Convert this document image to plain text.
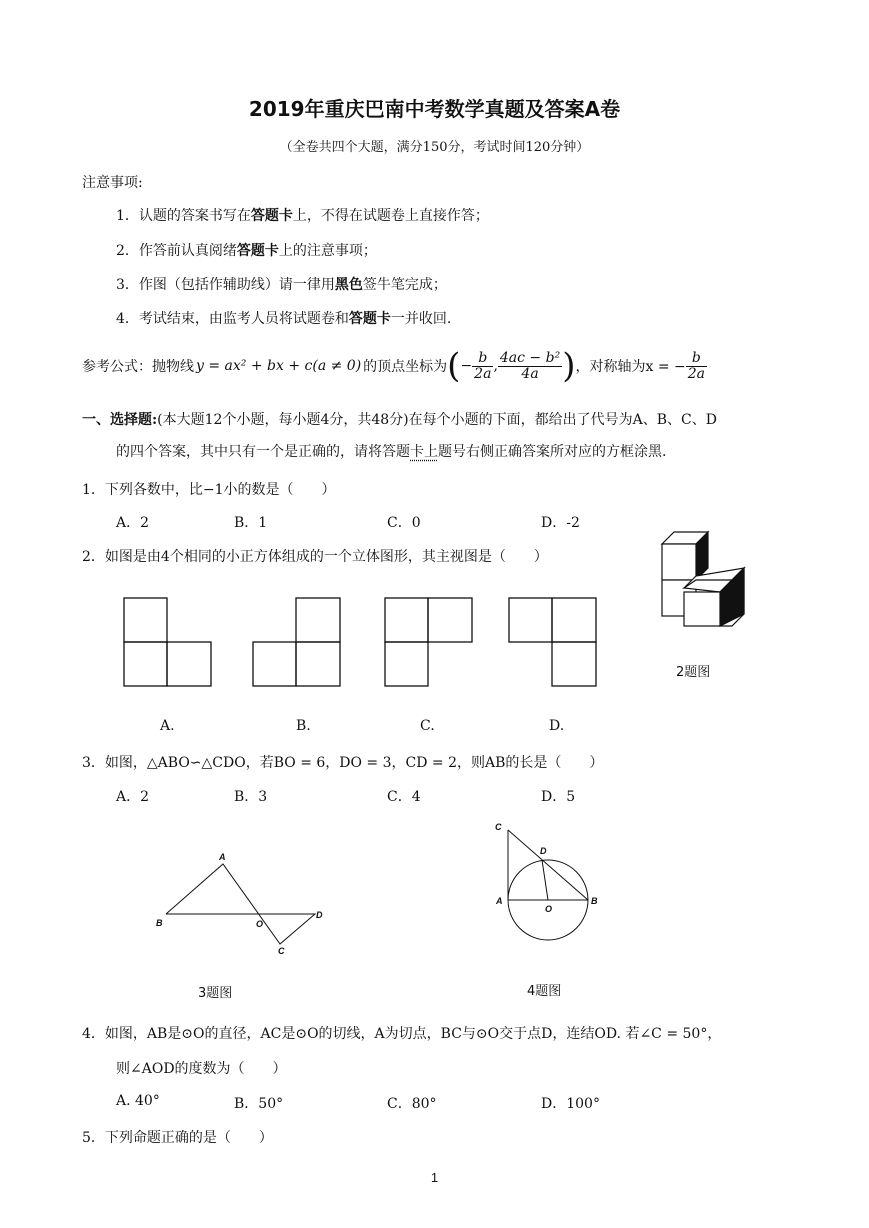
2019年重庆巴南中考数学真题及答案A卷
（全卷共四个大题，满分150分，考试时间120分钟）
注意事项:
1．认题的答案书写在答题卡上，不得在试题卷上直接作答；
2．作答前认真阅绪答题卡上的注意事项；
3．作图（包括作辅助线）请一律用黑色签牛笔完成；
4．考试结束，由监考人员将试题卷和答题卡一并收回.
参考公式：抛物线 y = ax² + bx + c(a ≠ 0) 的顶点坐标为 ( − $\frac{b}{2a}$ , $\frac{\text{4ac − b²}}{4a}$ ) ，对称轴为x = − $\frac{b}{2a}$
一、选择题:(本大题12个小题，每小题4分，共48分)在每个小题的下面，都给出了代号为A、B、C、D
的四个答案，其中只有一个是正确的，请将答题卡上题号右侧正确答案所对应的方框涂黑.
1．下列各数中，比−1小的数是（　　）
A．2	B．1	C．0	D．-2
2．如图是由4个相同的小正方体组成的一个立体图形，其主视图是（　　）
A.	B.	C.	D.
2题图
3．如图，△ABO∽△CDO，若BO = 6，DO = 3，CD = 2，则AB的长是（　　）
A．2	B．3	C．4	D．5
A
B	O
C
D
3题图
C
D
A
O
B
4题图
4．如图，AB是⊙O的直径，AC是⊙O的切线，A为切点，BC与⊙O交于点D，连结OD. 若∠C = 50°，
则∠AOD的度数为（　　）
A. 40°	B．50°	C．80°	D．100°
5．下列命题正确的是（　　）
1
